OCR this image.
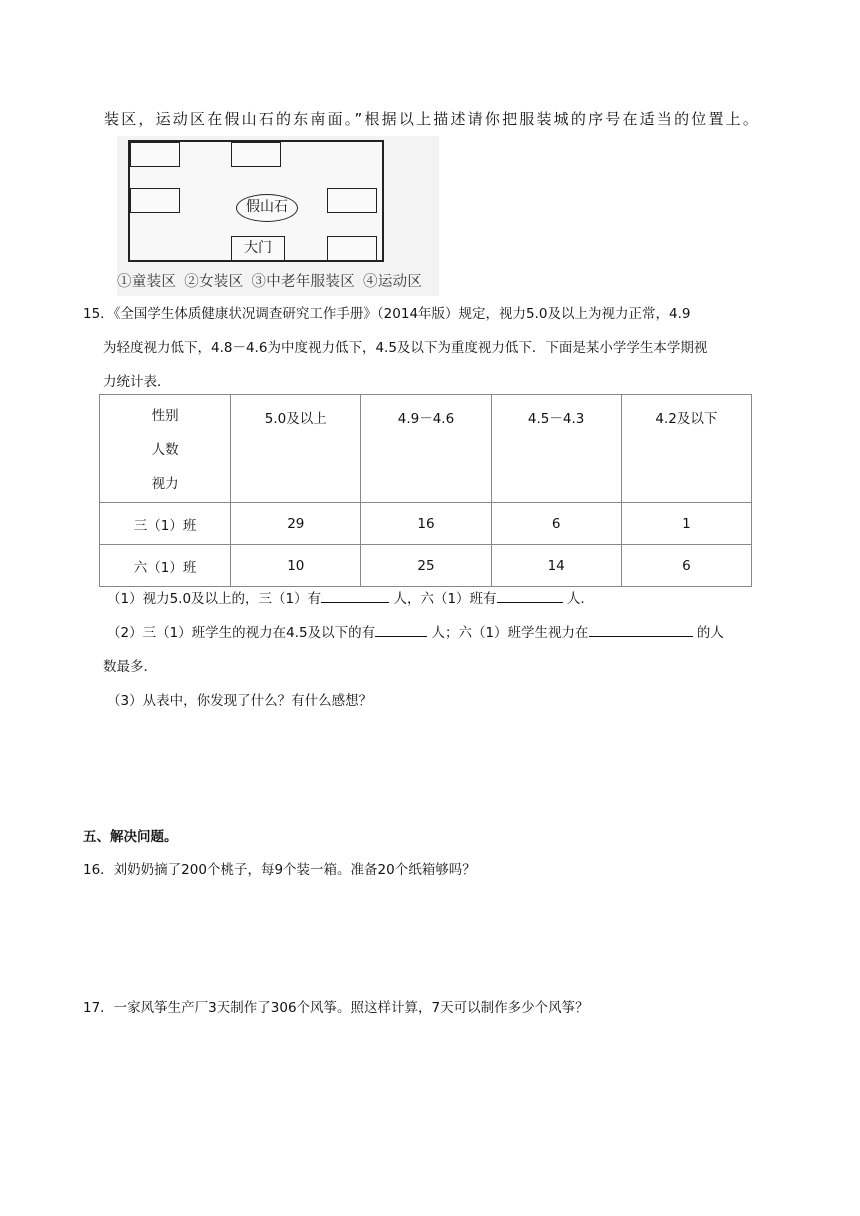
装区，运动区在假山石的东南面。”根据以上描述请你把服装城的序号在适当的位置上。
假山石
大门
①童装区 ②女装区 ③中老年服装区 ④运动区
15．《全国学生体质健康状况调查研究工作手册》（2014年版）规定，视力5.0及以上为视力正常，4.9
为轻度视力低下，4.8－4.6为中度视力低下，4.5及以下为重度视力低下．下面是某小学学生本学期视
力统计表．
性别
人数
视力	5.0及以上	4.9－4.6	4.5－4.3	4.2及以下
三（1）班	29	16	6	1
六（1）班	10	25	14	6
（1）视力5.0及以上的，三（1）有	人，六（1）班有	人．
（2）三（1）班学生的视力在4.5及以下的有	人；六（1）班学生视力在	的人
数最多．
（3）从表中，你发现了什么？有什么感想？
五、解决问题。
16．刘奶奶摘了200个桃子，每9个装一箱。准备20个纸箱够吗？
17．一家风筝生产厂3天制作了306个风筝。照这样计算，7天可以制作多少个风筝？
